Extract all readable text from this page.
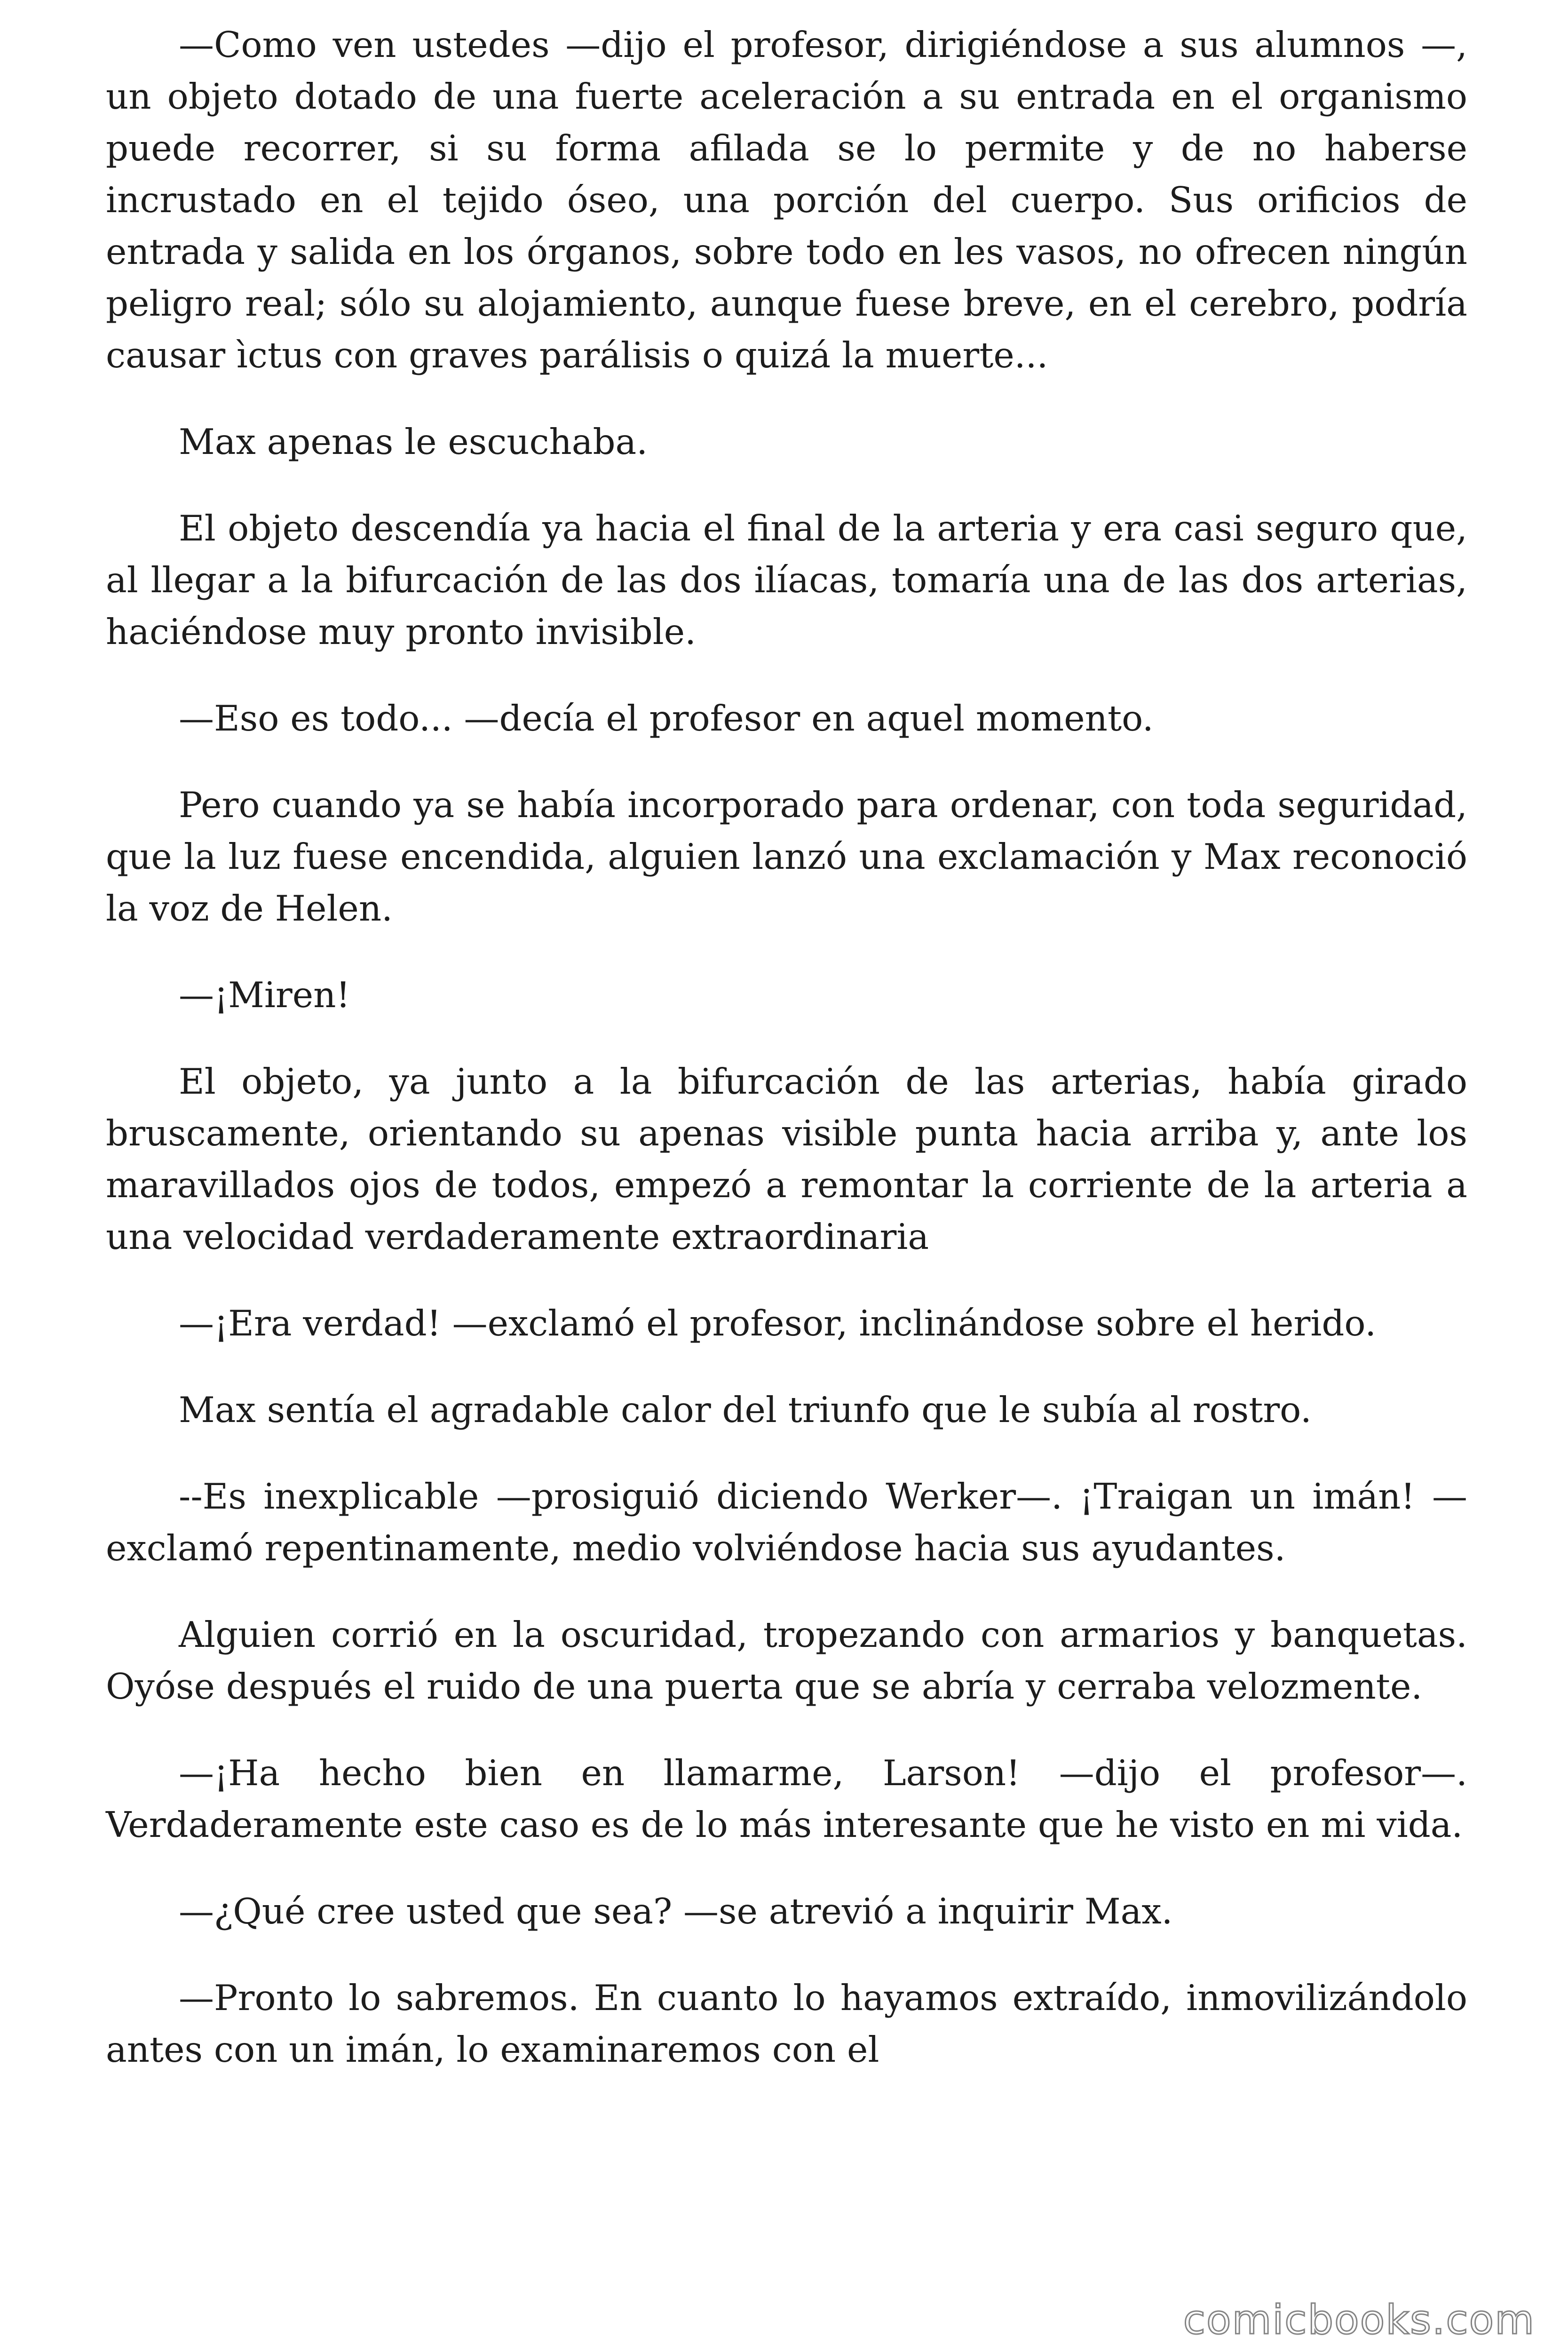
—Como ven ustedes —dijo el profesor, dirigiéndose a sus alumnos —, un objeto dotado de una fuerte aceleración a su entrada en el organismo puede recorrer, si su forma afilada se lo permite y de no haberse incrustado en el tejido óseo, una porción del cuerpo. Sus orificios de entrada y salida en los órganos, sobre todo en les vasos, no ofrecen ningún peligro real; sólo su alojamiento, aunque fuese breve, en el cerebro, podría causar ìctus con graves parálisis o quizá la muerte...

Max apenas le escuchaba.

El objeto descendía ya hacia el final de la arteria y era casi seguro que, al llegar a la bifurcación de las dos ilíacas, tomaría una de las dos arterias, haciéndose muy pronto invisible.

—Eso es todo... —decía el profesor en aquel momento.

Pero cuando ya se había incorporado para ordenar, con toda seguridad, que la luz fuese encendida, alguien lanzó una exclamación y Max reconoció la voz de Helen.

—¡Miren!

El objeto, ya junto a la bifurcación de las arterias, había girado bruscamente, orientando su apenas visible punta hacia arriba y, ante los maravillados ojos de todos, empezó a remontar la corriente de la arteria a una velocidad verdaderamente extraordinaria

—¡Era verdad! —exclamó el profesor, inclinándose sobre el herido.

Max sentía el agradable calor del triunfo que le subía al rostro.

--Es inexplicable —prosiguió diciendo Werker—. ¡Traigan un imán! —exclamó repentinamente, medio volviéndose hacia sus ayudantes.

Alguien corrió en la oscuridad, tropezando con armarios y banquetas. Oyóse después el ruido de una puerta que se abría y cerraba velozmente.

—¡Ha hecho bien en llamarme, Larson! —dijo el profesor—. Verdaderamente este caso es de lo más interesante que he visto en mi vida.

—¿Qué cree usted que sea? —se atrevió a inquirir Max.

—Pronto lo sabremos. En cuanto lo hayamos extraído, inmovilizándolo antes con un imán, lo examinaremos con el

comicbooks.com
